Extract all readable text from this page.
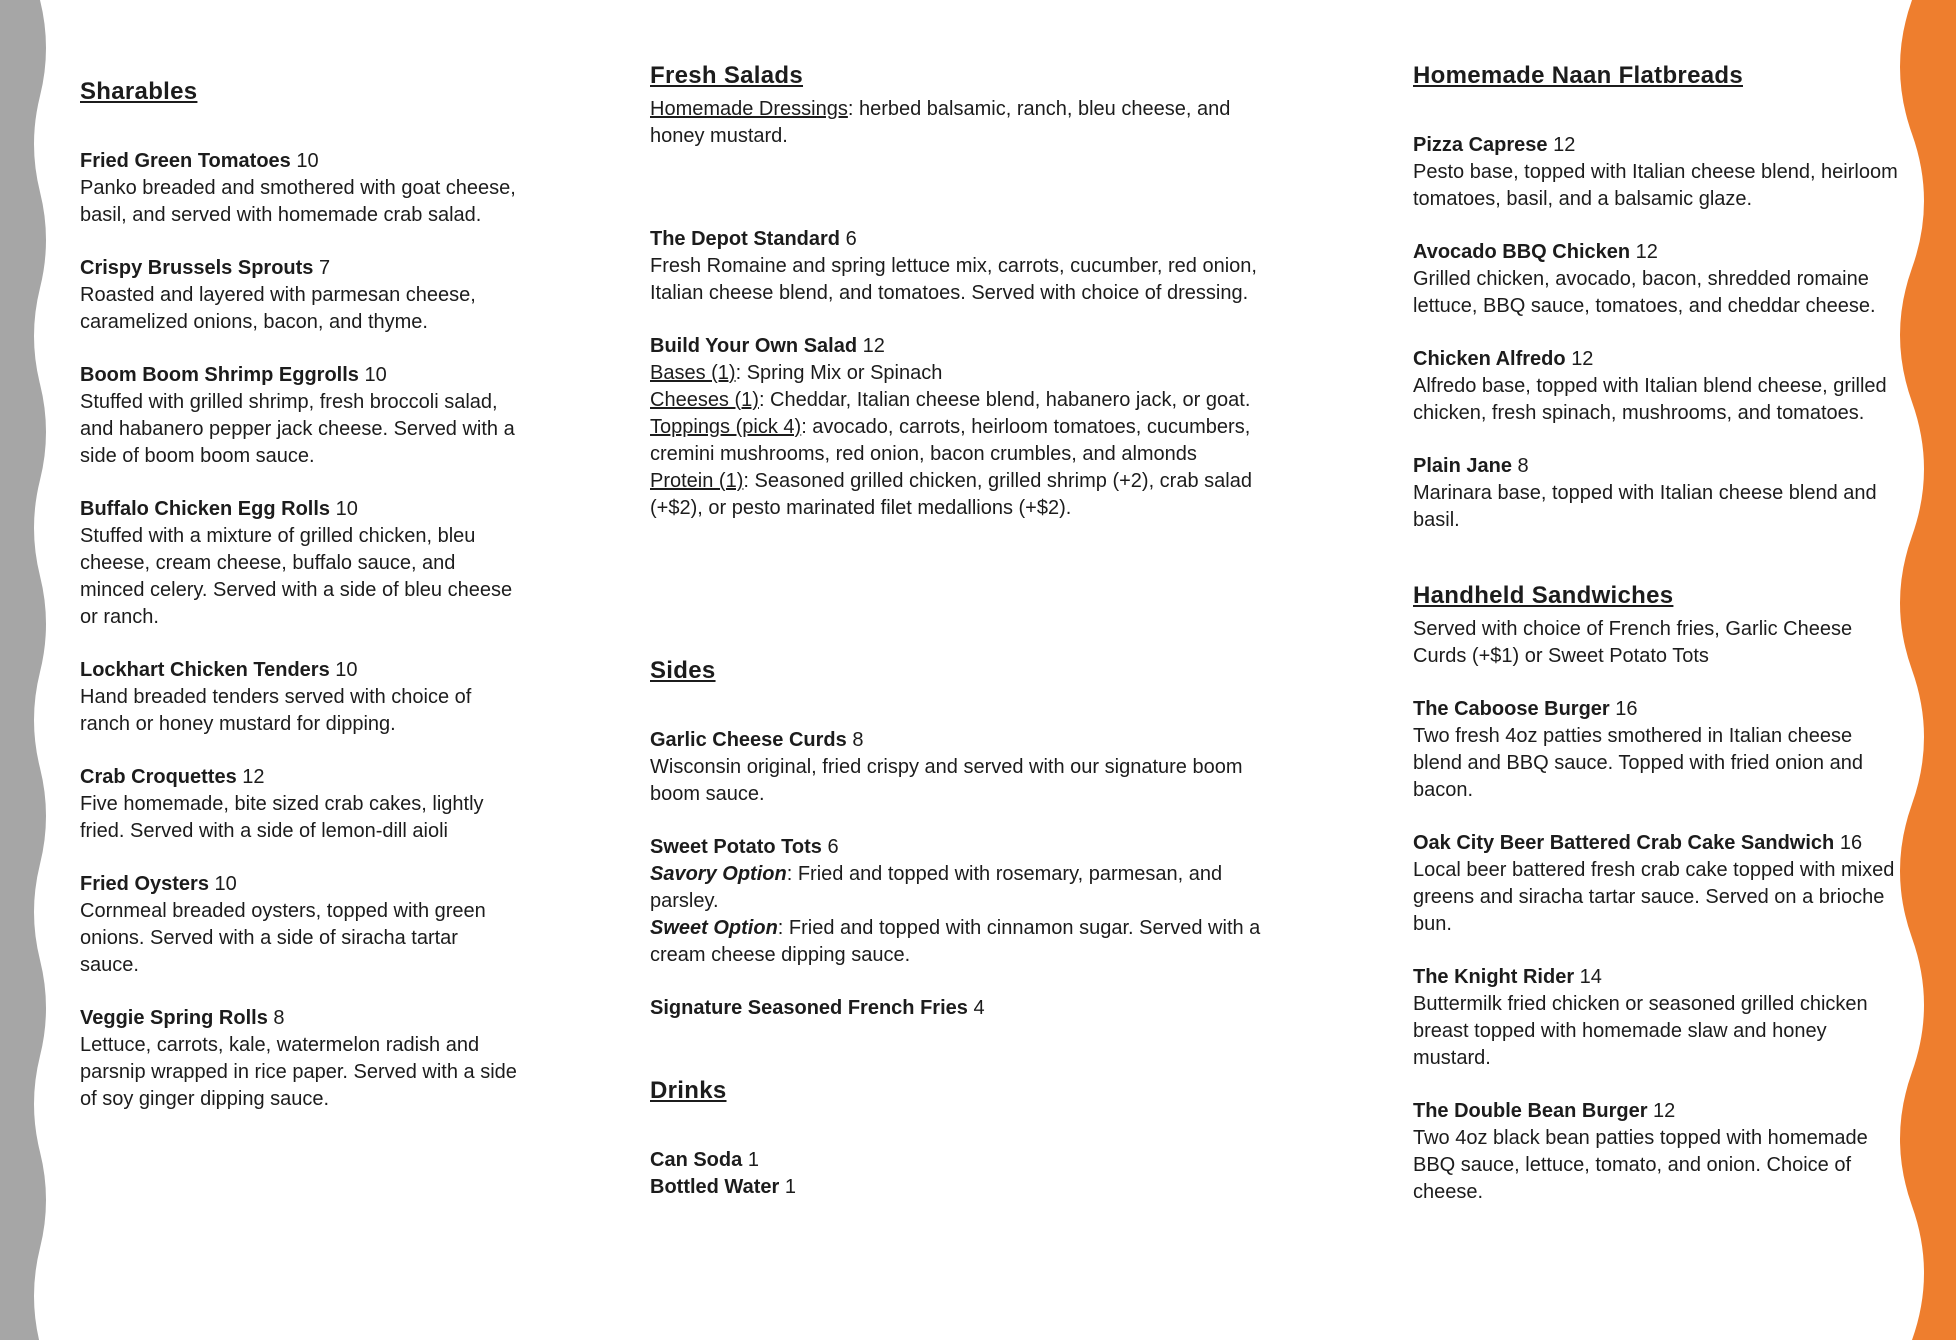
Sharables
Fried Green Tomatoes 10
Panko breaded and smothered with goat cheese, basil, and served with homemade crab salad.
Crispy Brussels Sprouts 7
Roasted and layered with parmesan cheese, caramelized onions, bacon, and thyme.
Boom Boom Shrimp Eggrolls 10
Stuffed with grilled shrimp, fresh broccoli salad, and habanero pepper jack cheese. Served with a side of boom boom sauce.
Buffalo Chicken Egg Rolls 10
Stuffed with a mixture of grilled chicken, bleu cheese, cream cheese, buffalo sauce, and minced celery. Served with a side of bleu cheese or ranch.
Lockhart Chicken Tenders 10
Hand breaded tenders served with choice of ranch or honey mustard for dipping.
Crab Croquettes 12
Five homemade, bite sized crab cakes, lightly fried. Served with a side of lemon-dill aioli
Fried Oysters 10
Cornmeal breaded oysters, topped with green onions. Served with a side of siracha tartar sauce.
Veggie Spring Rolls 8
Lettuce, carrots, kale, watermelon radish and parsnip wrapped in rice paper. Served with a side of soy ginger dipping sauce.
Fresh Salads
Homemade Dressings: herbed balsamic, ranch, bleu cheese, and honey mustard.
The Depot Standard 6
Fresh Romaine and spring lettuce mix, carrots, cucumber, red onion, Italian cheese blend, and tomatoes. Served with choice of dressing.
Build Your Own Salad 12
Bases (1): Spring Mix or Spinach
Cheeses (1): Cheddar, Italian cheese blend, habanero jack, or goat.
Toppings (pick 4): avocado, carrots, heirloom tomatoes, cucumbers, cremini mushrooms, red onion, bacon crumbles, and almonds
Protein (1): Seasoned grilled chicken, grilled shrimp (+2), crab salad (+$2), or pesto marinated filet medallions (+$2).
Sides
Garlic Cheese Curds 8
Wisconsin original, fried crispy and served with our signature boom boom sauce.
Sweet Potato Tots 6
Savory Option: Fried and topped with rosemary, parmesan, and parsley.
Sweet Option: Fried and topped with cinnamon sugar. Served with a cream cheese dipping sauce.
Signature Seasoned French Fries 4
Drinks
Can Soda 1
Bottled Water 1
Homemade Naan Flatbreads
Pizza Caprese 12
Pesto base, topped with Italian cheese blend, heirloom tomatoes, basil, and a balsamic glaze.
Avocado BBQ Chicken 12
Grilled chicken, avocado, bacon, shredded romaine lettuce, BBQ sauce, tomatoes, and cheddar cheese.
Chicken Alfredo 12
Alfredo base, topped with Italian blend cheese, grilled chicken, fresh spinach, mushrooms, and tomatoes.
Plain Jane 8
Marinara base, topped with Italian cheese blend and basil.
Handheld Sandwiches
Served with choice of French fries, Garlic Cheese Curds (+$1) or Sweet Potato Tots
The Caboose Burger 16
Two fresh 4oz patties smothered in Italian cheese blend and BBQ sauce. Topped with fried onion and bacon.
Oak City Beer Battered Crab Cake Sandwich 16
Local beer battered fresh crab cake topped with mixed greens and siracha tartar sauce. Served on a brioche bun.
The Knight Rider 14
Buttermilk fried chicken or seasoned grilled chicken breast topped with homemade slaw and honey mustard.
The Double Bean Burger 12
Two 4oz black bean patties topped with homemade BBQ sauce, lettuce, tomato, and onion. Choice of cheese.
